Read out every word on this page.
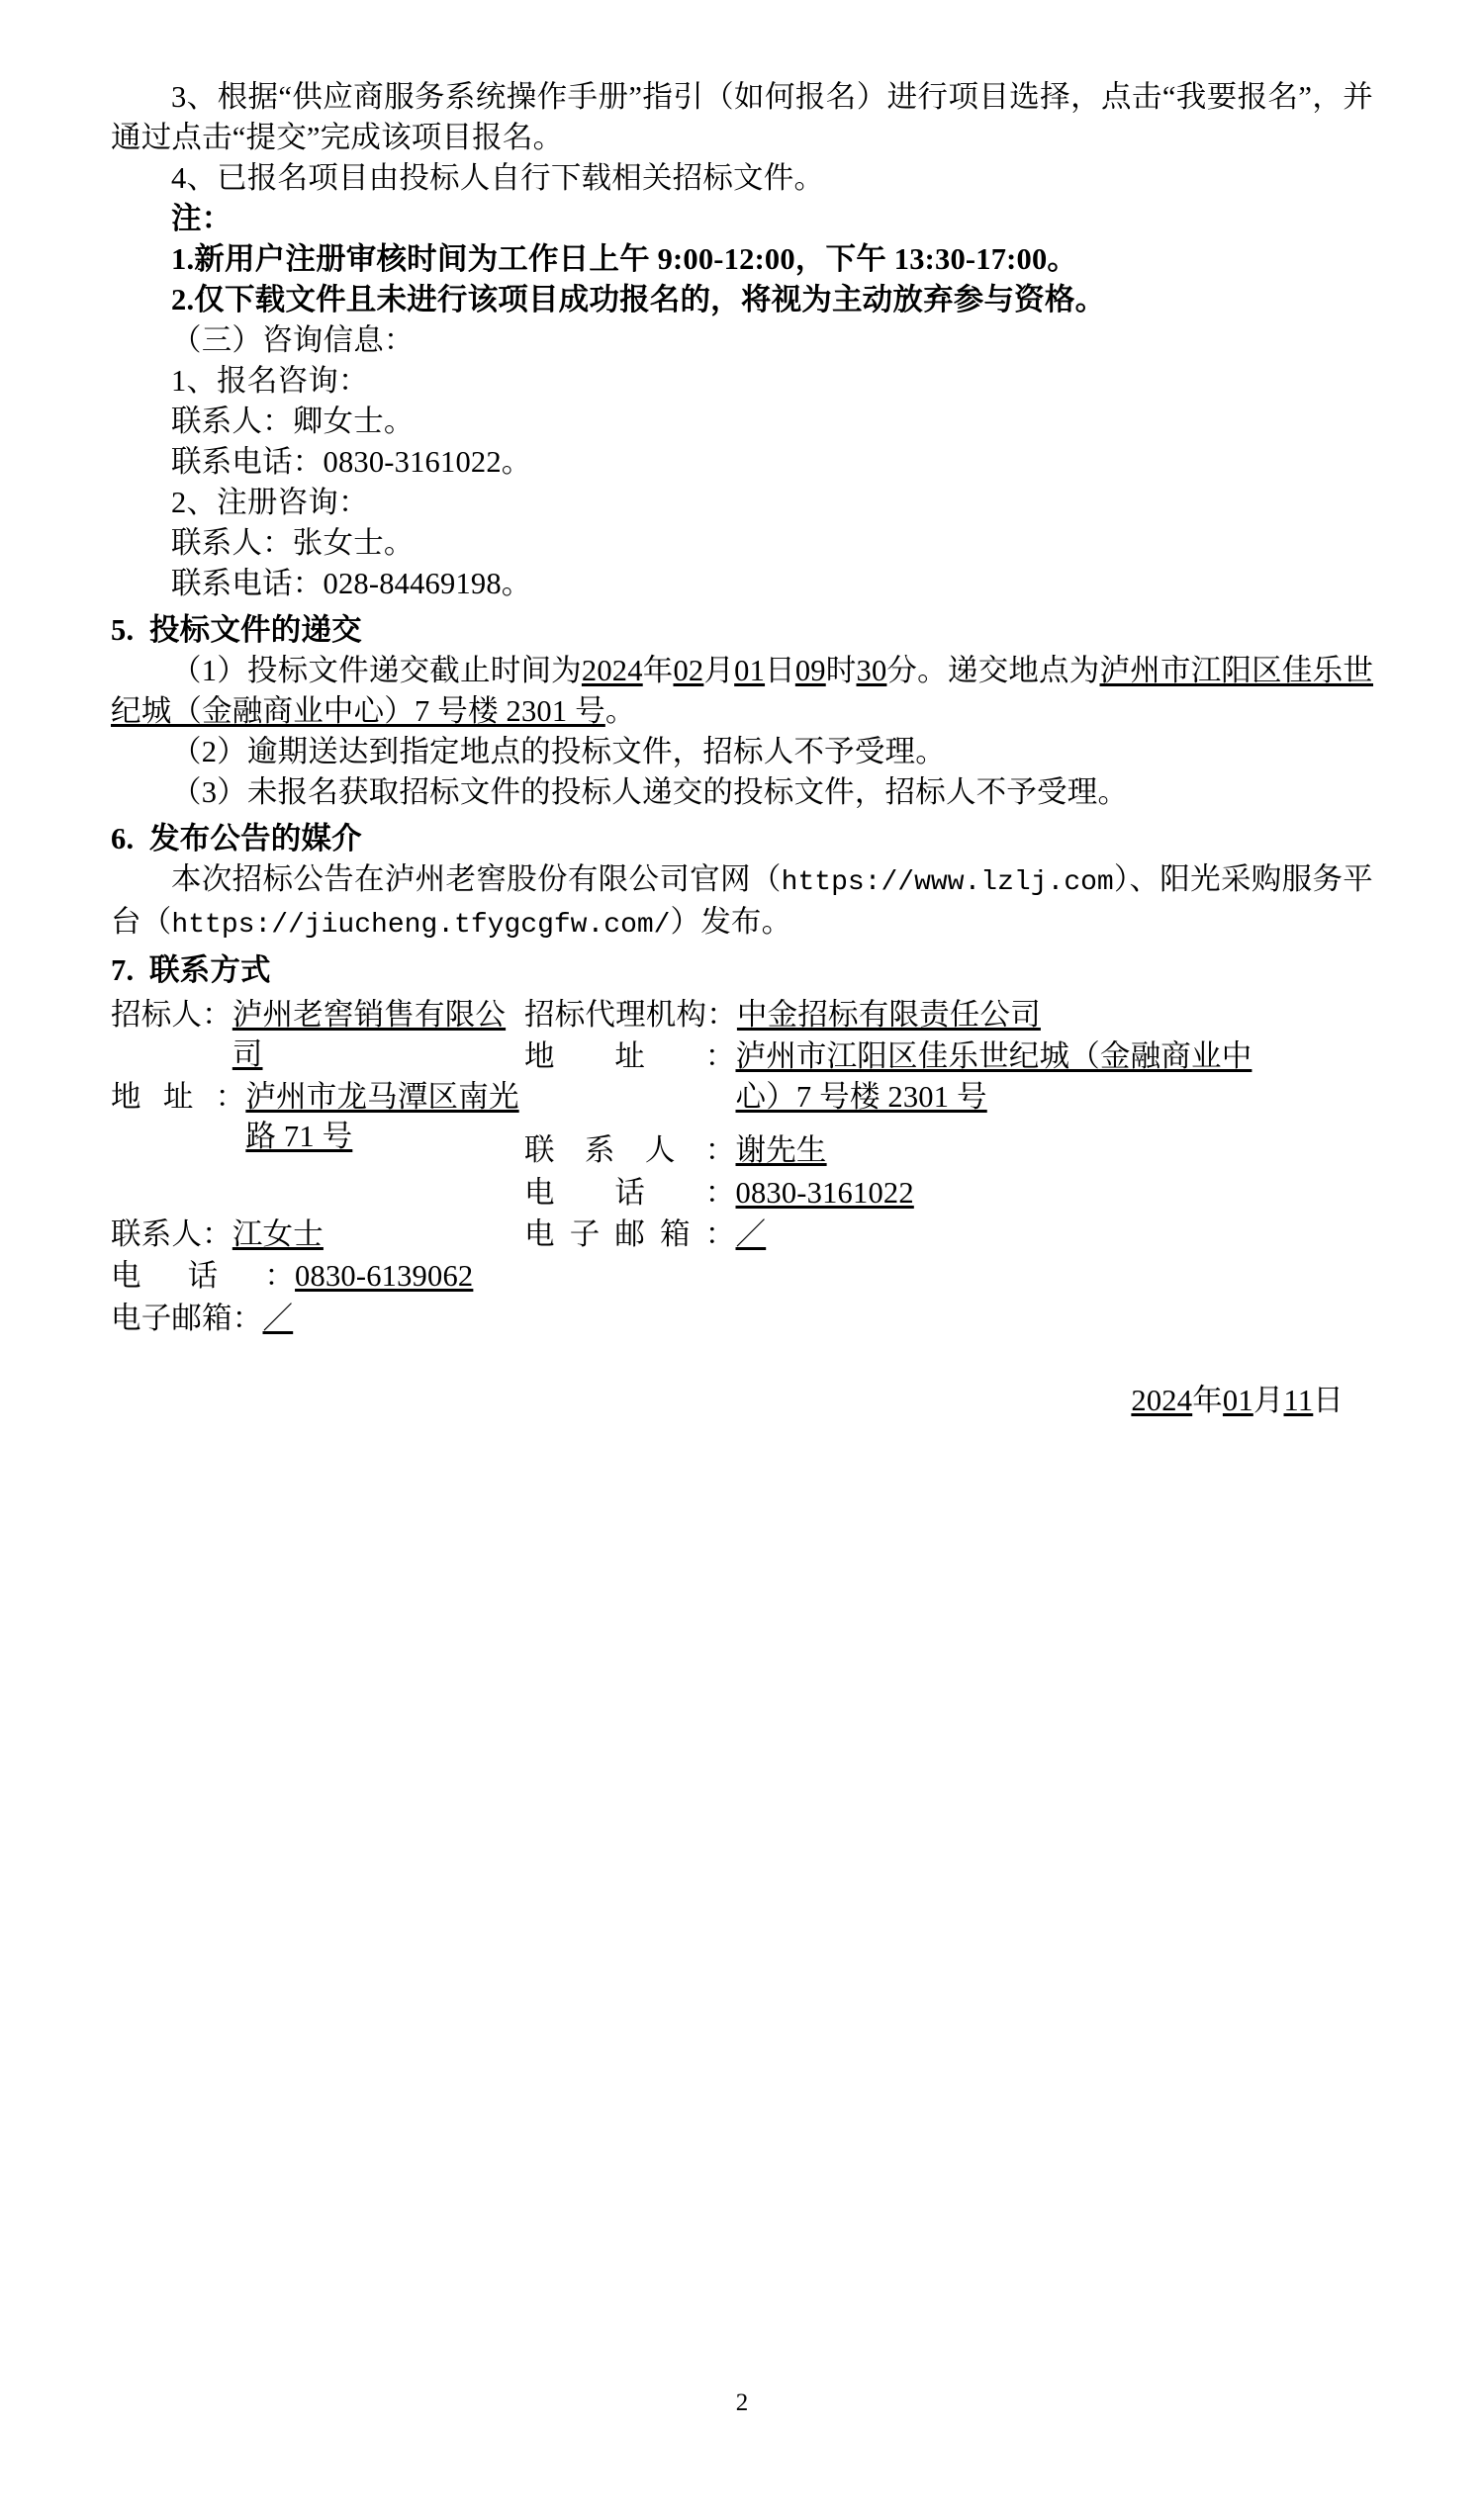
3、根据“供应商服务系统操作手册”指引（如何报名）进行项目选择，点击“我要报名”，并通过点击“提交”完成该项目报名。

4、已报名项目由投标人自行下载相关招标文件。

注：

1.新用户注册审核时间为工作日上午 9:00-12:00，下午 13:30-17:00。

2.仅下载文件且未进行该项目成功报名的，将视为主动放弃参与资格。

（三）咨询信息：

1、报名咨询：

联系人：卿女士。

联系电话：0830-3161022。

2、注册咨询：

联系人：张女士。

联系电话：028-84469198。

5. 投标文件的递交

（1）投标文件递交截止时间为2024年02月01日09时30分。递交地点为泸州市江阳区佳乐世纪城（金融商业中心）7 号楼 2301 号。

（2）逾期送达到指定地点的投标文件，招标人不予受理。

（3）未报名获取招标文件的投标人递交的投标文件，招标人不予受理。

6. 发布公告的媒介

本次招标公告在泸州老窖股份有限公司官网（https://www.lzlj.com）、阳光采购服务平台（https://jiucheng.tfygcgfw.com/）发布。

7. 联系方式

招标人： 泸州老窖销售有限公司
地址： 泸州市龙马潭区南光路 71 号
联系人： 江女士
电话： 0830-6139062
电子邮箱： ／
招标代理机构： 中金招标有限责任公司
地址： 泸州市江阳区佳乐世纪城（金融商业中心）7 号楼 2301 号
联系人： 谢先生
电话： 0830-3161022
电子邮箱： ／
2024年01月11日
2
